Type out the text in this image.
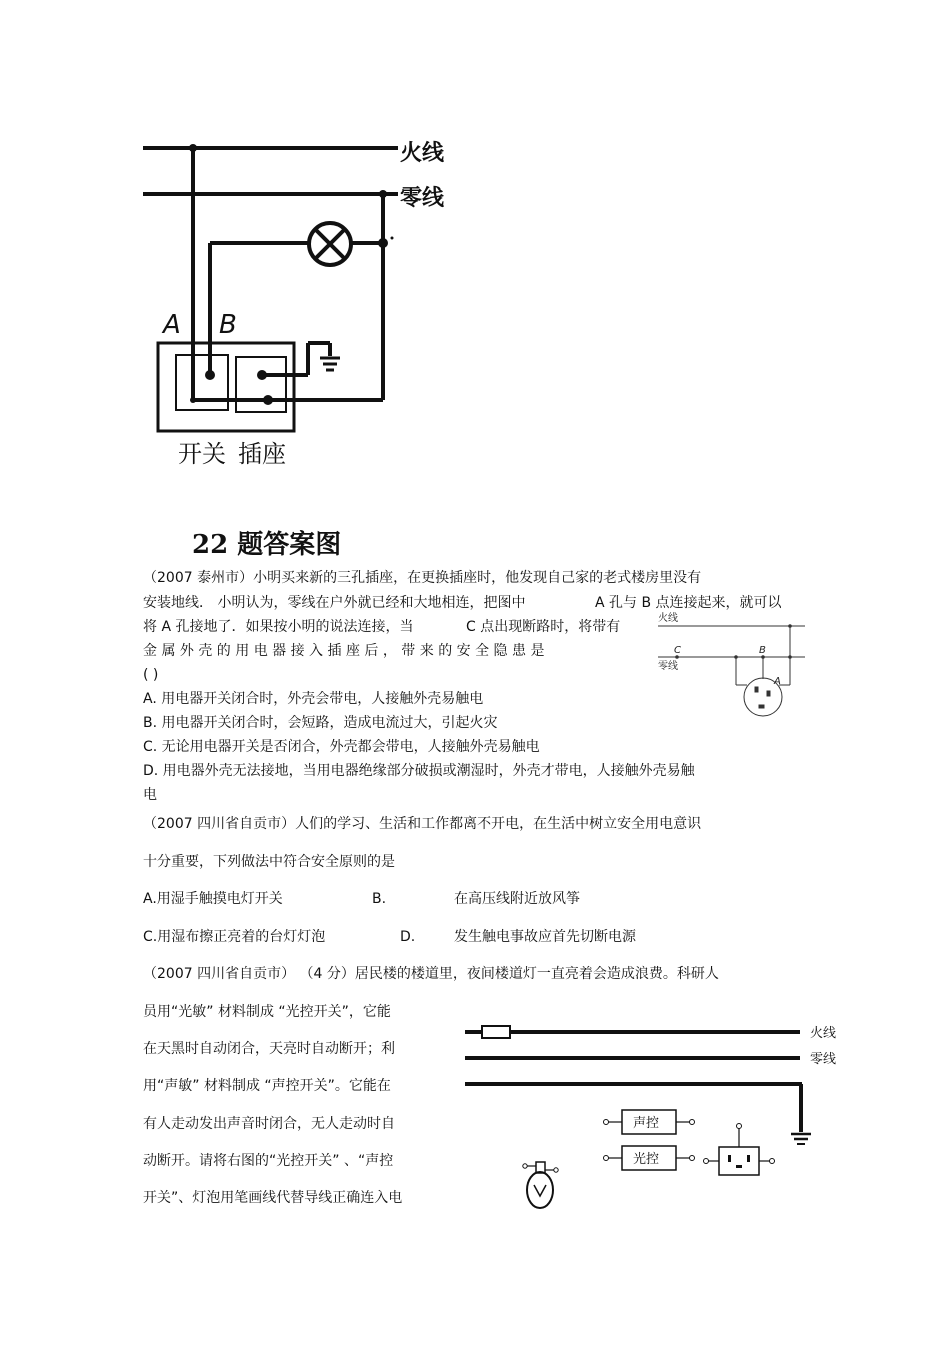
火线
零线
A B
开关 插座
22 题答案图
（2007 泰州市）小明买来新的三孔插座，在更换插座时，他发现自己家的老式楼房里没有
安装地线． 小明认为，零线在户外就已经和大地相连，把图中	A 孔与 B 点连接起来，就可以
将 A 孔接地了．如果按小明的说法连接，当	C 点出现断路时，将带有
金 属 外 壳 的 用 电 器 接 入 插 座 后 ， 带 来 的 安 全 隐 患 是
( )
A. 用电器开关闭合时，外壳会带电，人接触外壳易触电
B. 用电器开关闭合时，会短路，造成电流过大，引起火灾
C. 无论用电器开关是否闭合，外壳都会带电，人接触外壳易触电
D. 用电器外壳无法接地，当用电器绝缘部分破损或潮湿时，外壳才带电，人接触外壳易触
电
火线
零线
C	B
A
（2007 四川省自贡市）人们的学习、生活和工作都离不开电，在生活中树立安全用电意识
十分重要，下列做法中符合安全原则的是
A.用湿手触摸电灯开关	B.	在高压线附近放风筝
C.用湿布擦正亮着的台灯灯泡	D.	发生触电事故应首先切断电源
（2007 四川省自贡市） （4 分）居民楼的楼道里，夜间楼道灯一直亮着会造成浪费。科研人
员用“光敏” 材料制成 “光控开关”，它能
在天黑时自动闭合，天亮时自动断开；利
用“声敏” 材料制成 “声控开关”。它能在
有人走动发出声音时闭合，无人走动时自
动断开。请将右图的“光控开关” 、“声控
开关”、灯泡用笔画线代替导线正确连入电
火线
零线
声控
光控
